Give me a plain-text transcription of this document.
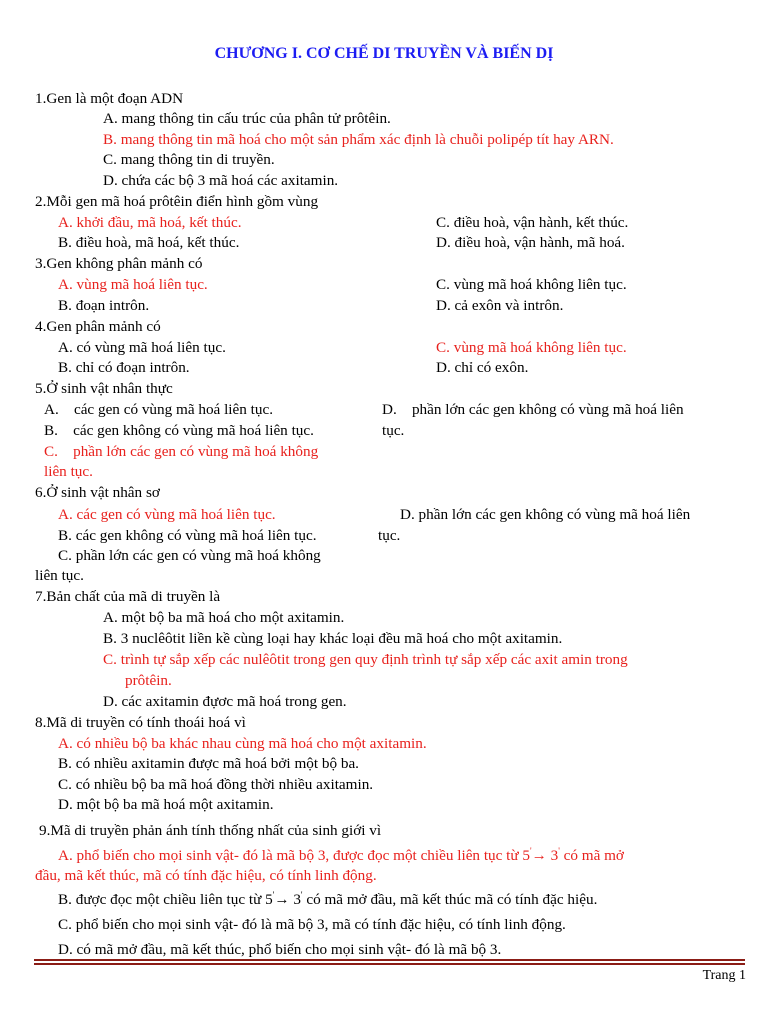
CHƯƠNG I. CƠ CHẾ DI TRUYỀN VÀ BIẾN DỊ
1.Gen là một đoạn ADN
A. mang thông tin cấu trúc của phân tử prôtêin.
B. mang thông tin mã hoá cho một sản phẩm xác định là chuỗi polipép tít hay ARN.
C. mang thông tin di truyền.
D. chứa các bộ 3 mã hoá các axitamin.
2.Mỗi gen mã hoá prôtêin điển hình gồm vùng
A. khởi đầu, mã hoá, kết thúc.	C. điều hoà, vận hành, kết thúc.
B. điều hoà, mã hoá, kết thúc.	D. điều hoà, vận hành, mã hoá.
3.Gen không phân mảnh có
A. vùng mã hoá liên tục.	C. vùng mã hoá không liên tục.
B. đoạn intrôn.	D. cả exôn và intrôn.
4.Gen phân mảnh có
A. có vùng mã hoá liên tục.	C. vùng mã hoá không liên tục.
B. chỉ có đoạn intrôn.	D. chỉ có exôn.
5.Ở sinh vật nhân thực
A.    các gen có vùng mã hoá liên tục.	D.    phần lớn các gen không có vùng mã hoá liên
B.    các gen không có vùng mã hoá liên tục.	tục.
C.    phần lớn các gen có vùng mã hoá không
liên tục.
6.Ở sinh vật nhân sơ
A. các gen có vùng mã hoá liên tục.	D. phần lớn các gen không có vùng mã hoá liên
B. các gen không có vùng mã hoá liên tục.	tục.
C. phần lớn các gen có vùng mã hoá không
liên tục.
7.Bản chất của mã di truyền là
A. một bộ ba mã hoá cho một axitamin.
B. 3 nuclêôtit liền kề cùng loại hay khác loại đều mã hoá cho một axitamin.
C. trình tự sắp xếp các nulêôtit trong gen quy định trình tự sắp xếp các axit amin trong
prôtêin.
D. các axitamin đựơc mã hoá trong gen.
8.Mã di truyền có tính thoái hoá vì
A. có nhiều bộ ba khác nhau cùng mã hoá cho một axitamin.
B. có nhiều axitamin được mã hoá bởi một bộ ba.
C. có nhiều bộ ba mã hoá đồng thời nhiều axitamin.
D. một bộ ba mã hoá một axitamin.
9.Mã di truyền phản ánh tính thống nhất của sinh giới vì
A. phổ biến cho mọi sinh vật- đó là mã bộ 3, được đọc một chiều liên tục từ 5'→ 3' có mã mở
đầu, mã kết thúc, mã có tính đặc hiệu, có tính linh động.
B. được đọc một chiều liên tục từ 5'→ 3' có mã mở đầu, mã kết thúc mã có tính đặc hiệu.
C. phổ biến cho mọi sinh vật- đó là mã bộ 3, mã có tính đặc hiệu, có tính linh động.
D. có mã mở đầu, mã kết thúc, phổ biến cho mọi sinh vật- đó là mã bộ 3.
Trang 1
